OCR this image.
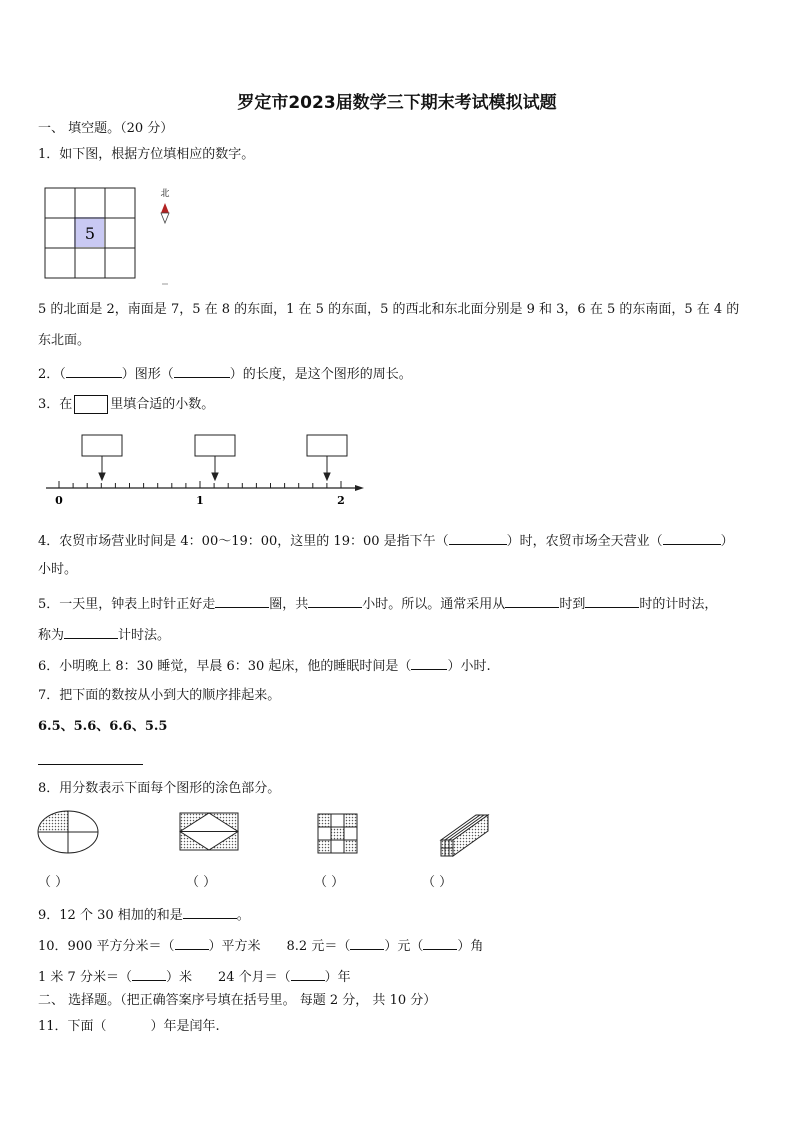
罗定市2023届数学三下期末考试模拟试题
一、 填空题。（20 分）
1．如下图，根据方位填相应的数字。
5
北
5 的北面是 2，南面是 7，5 在 8 的东面，1 在 5 的东面，5 的西北和东北面分别是 9 和 3，6 在 5 的东南面，5 在 4 的
东北面。
2．（	）图形（	）的长度，是这个图形的周长。
3．在	里填合适的小数。
0	1	2
4．农贸市场营业时间是 4：00～19：00，这里的 19：00 是指下午（	）时，农贸市场全天营业（	）
小时。
5．一天里，钟表上时针正好走	圈，共	小时。所以。通常采用从	时到	时的计时法，
称为	计时法。
6．小明晚上 8：30 睡觉，早晨 6：30 起床，他的睡眠时间是（	）小时.
7．把下面的数按从小到大的顺序排起来。
6.5、5.6、6.6、5.5
8．用分数表示下面每个图形的涂色部分。
（ ）	（ ）	（ ）	（ ）
9．12 个 30 相加的和是	。
10．900 平方分米＝（	）平方米 8.2 元＝（	）元（	）角
1 米 7 分米＝（	）米 24 个月＝（	）年
二、 选择题。（把正确答案序号填在括号里。 每题 2 分， 共 10 分）
11．下面（	）年是闰年.
